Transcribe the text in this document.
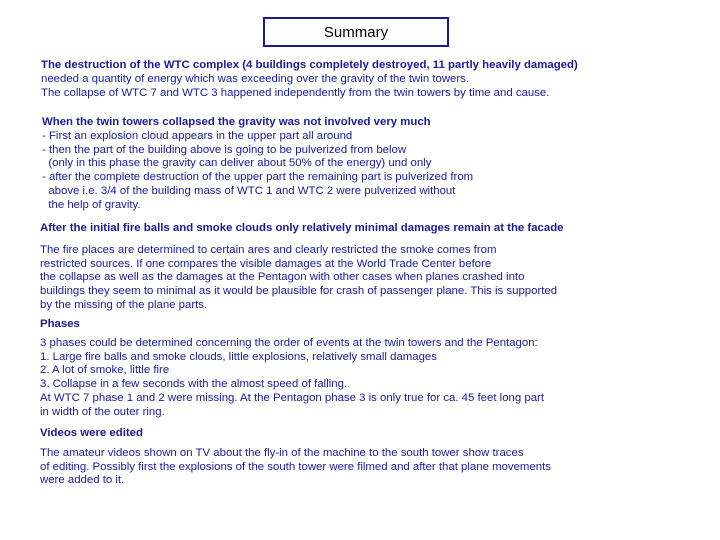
Summary
The destruction of the WTC complex (4 buildings completely destroyed, 11 partly heavily damaged)
needed a quantity of energy which was exceeding over the gravity of the twin towers.
The collapse of WTC 7 and WTC 3 happened independently from the twin towers by time and cause.
When the twin towers collapsed the gravity was not involved very much
- First an explosion cloud appears in the upper part all around
- then the part of the building above is going to be pulverized from below
(only in this phase the gravity can deliver about 50% of the energy) und only
- after the complete destruction of the upper part the remaining part is pulverized from
above i.e. 3/4 of the building mass of WTC 1 and WTC 2 were pulverized without
the help of gravity.
After the initial fire balls and smoke clouds only relatively minimal damages remain at the facade
The fire places are determined to certain ares and clearly restricted the smoke comes from
restricted sources. If one compares the visible damages at the World Trade Center before
the collapse as well as the damages at the Pentagon with other cases when planes crashed into
buildings they seem to minimal as it would be plausible for crash of passenger plane. This is supported
by the missing of the plane parts.
Phases
3 phases could be determined concerning the order of events at the twin towers and the Pentagon:
1. Large fire balls and smoke clouds, little explosions, relatively small damages
2. A lot of smoke, little fire
3. Collapse in a few seconds with the almost speed of falling.
At WTC 7 phase 1 and 2 were missing. At the Pentagon phase 3 is only true for ca. 45 feet long part
in width of the outer ring.
Videos were edited
The amateur videos shown on TV about the fly-in of the machine to the south tower show traces
of editing. Possibly first the explosions of the south tower were filmed and after that plane movements
were added to it.
